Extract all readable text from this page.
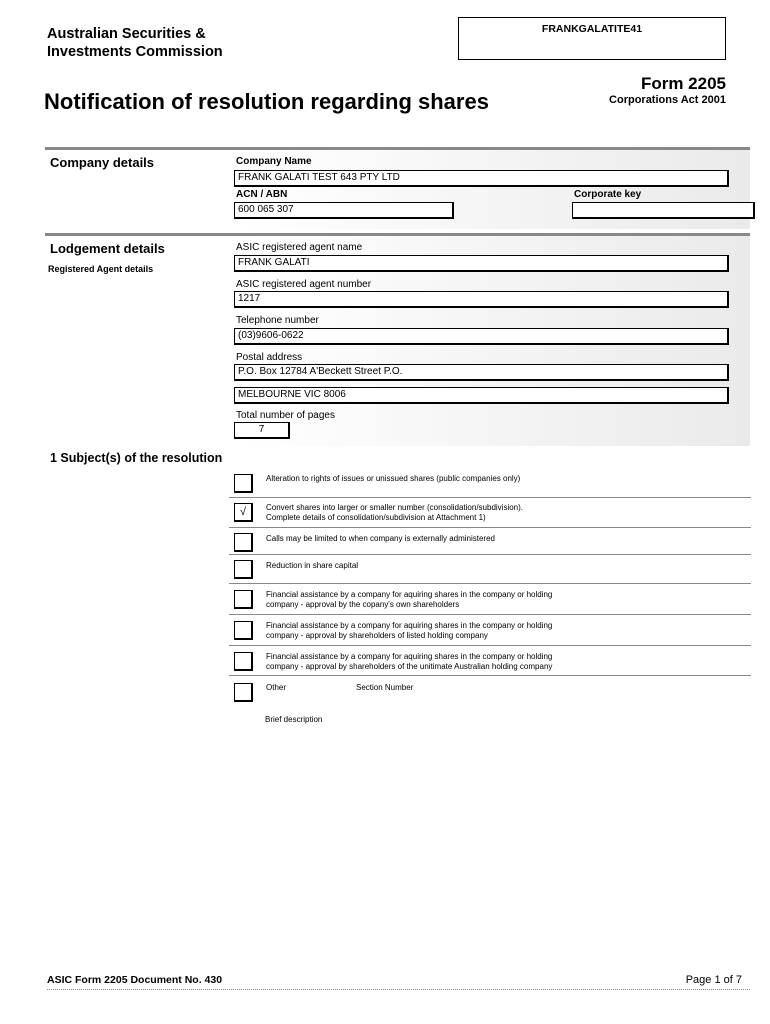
Australian Securities &
Investments Commission
FRANKGALATITE41
Form 2205
Corporations Act 2001
Notification of resolution regarding shares
Company details	Company Name
FRANK GALATI TEST 643 PTY LTD
ACN / ABN
600 065 307
Corporate key
Lodgement details
Registered Agent details
ASIC registered agent name
FRANK GALATI
ASIC registered agent number
1217
Telephone number
(03)9606-0622
Postal address
P.O. Box 12784 A'Beckett Street P.O.
MELBOURNE VIC 8006
Total number of pages
7
1 Subject(s) of the resolution
Alteration to rights of issues or unissued shares (public companies only)
√	Convert shares into larger or smaller number (consolidation/subdivision).
Complete details of consolidation/subdivision at Attachment 1)
Calls may be limited to when company is externally administered
Reduction in share capital
Financial assistance by a company for aquiring shares in the company or holding
company - approval by the copany's own shareholders
Financial assistance by a company for aquiring shares in the company or holding
company - approval by shareholders of listed holding company
Financial assistance by a company for aquiring shares in the company or holding
company - approval by shareholders of the unitimate Australian holding company
Other	Section Number
Brief description
ASIC Form 2205 Document No. 430	Page 1 of 7
